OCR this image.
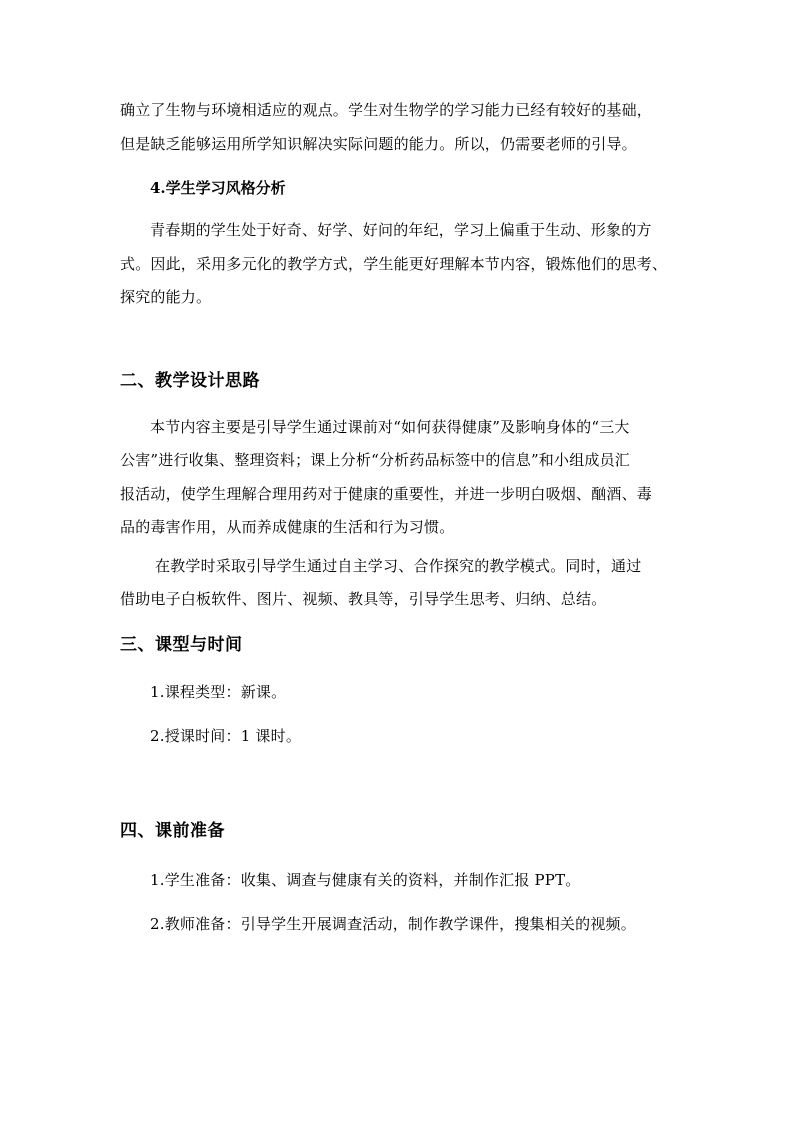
确立了生物与环境相适应的观点。学生对生物学的学习能力已经有较好的基础，
但是缺乏能够运用所学知识解决实际问题的能力。所以，仍需要老师的引导。
4.学生学习风格分析
青春期的学生处于好奇、好学、好问的年纪，学习上偏重于生动、形象的方
式。因此，采用多元化的教学方式，学生能更好理解本节内容，锻炼他们的思考、
探究的能力。
二、教学设计思路
本节内容主要是引导学生通过课前对“如何获得健康”及影响身体的“三大
公害”进行收集、整理资料；课上分析“分析药品标签中的信息”和小组成员汇
报活动，使学生理解合理用药对于健康的重要性，并进一步明白吸烟、酗酒、毒
品的毒害作用，从而养成健康的生活和行为习惯。
在教学时采取引导学生通过自主学习、合作探究的教学模式。同时，通过
借助电子白板软件、图片、视频、教具等，引导学生思考、归纳、总结。
三、课型与时间
1.课程类型：新课。
2.授课时间：1 课时。
四、课前准备
1.学生准备：收集、调查与健康有关的资料，并制作汇报 PPT。
2.教师准备：引导学生开展调查活动，制作教学课件，搜集相关的视频。
